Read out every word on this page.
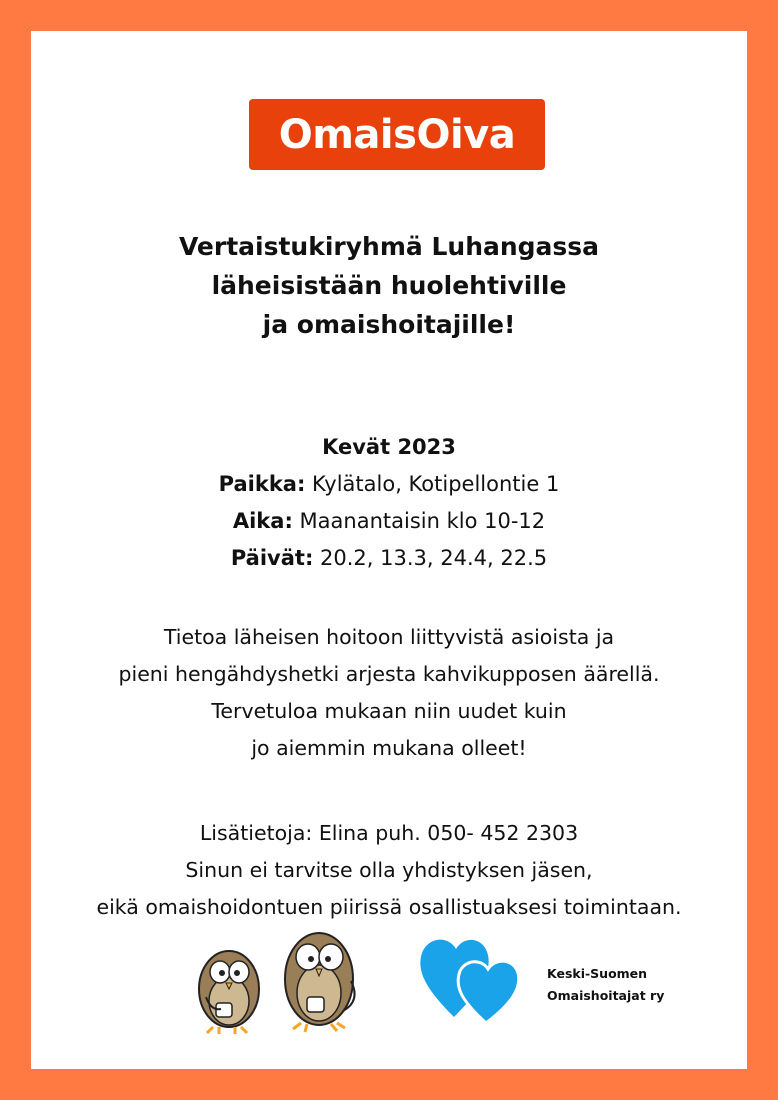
OmaisOiva
Vertaistukiryhmä Luhangassa
läheisistään huolehtiville
ja omaishoitajille!
Kevät 2023
Paikka: Kylätalo, Kotipellontie 1
Aika: Maanantaisin klo 10-12
Päivät: 20.2, 13.3, 24.4, 22.5
Tietoa läheisen hoitoon liittyvistä asioista ja
pieni hengähdyshetki arjesta kahvikupposen äärellä.
Tervetuloa mukaan niin uudet kuin
jo aiemmin mukana olleet!
Lisätietoja: Elina puh. 050- 452 2303
Sinun ei tarvitse olla yhdistyksen jäsen,
eikä omaishoidontuen piirissä osallistuaksesi toimintaan.
Keski-Suomen
Omaishoitajat ry
